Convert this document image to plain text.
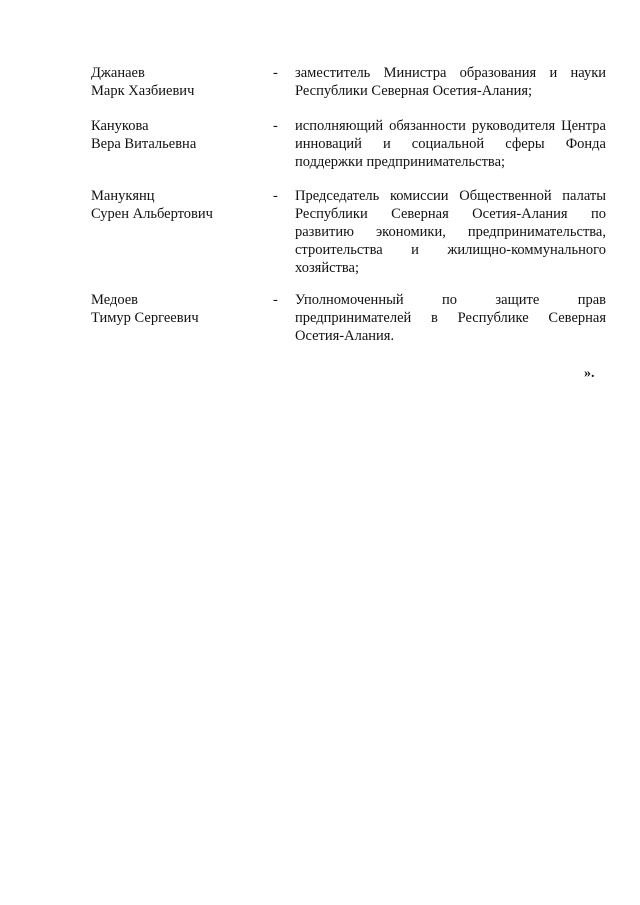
Джанаев
Марк Хазбиевич
- заместитель Министра образования и науки Республики Северная Осетия-Алания;
Канукова
Вера Витальевна
- исполняющий обязанности руководителя Центра инноваций и социальной сферы Фонда поддержки предпринимательства;
Манукянц
Сурен Альбертович
- Председатель комиссии Общественной палаты Республики Северная Осетия-Алания по развитию экономики, предпринимательства, строительства и жилищно-коммунального хозяйства;
Медоев
Тимур Сергеевич
- Уполномоченный по защите прав предпринимателей в Республике Северная Осетия-Алания.
».
